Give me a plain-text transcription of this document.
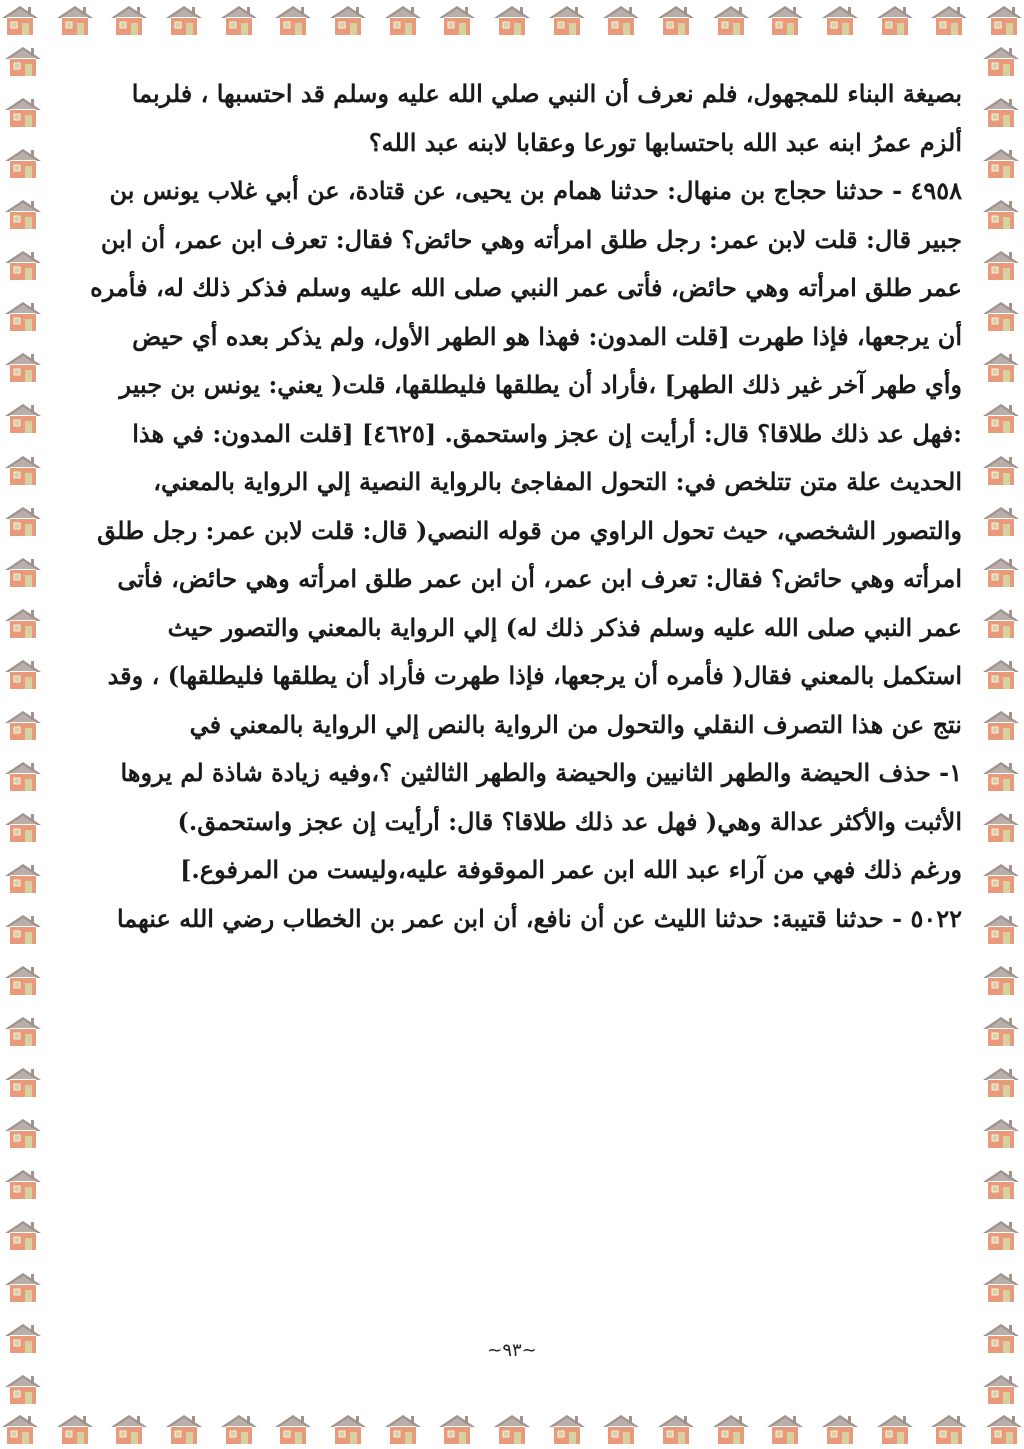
بصيغة البناء للمجهول، فلم نعرف أن النبي صلي الله عليه وسلم قد احتسبها ، فلربما
ألزم عمرُ ابنه عبد الله باحتسابها تورعا وعقابا لابنه عبد الله؟
٤٩٥٨ - حدثنا حجاج بن منهال: حدثنا همام بن يحيى، عن قتادة، عن أبي غلاب يونس بن
جبير قال: قلت لابن عمر: رجل طلق امرأته وهي حائض؟ فقال: تعرف ابن عمر، أن ابن
عمر طلق امرأته وهي حائض، فأتى عمر النبي صلى الله عليه وسلم فذكر ذلك له، فأمره
أن يرجعها، فإذا طهرت [قلت المدون: فهذا هو الطهر الأول، ولم يذكر بعده أي حيض
وأي طهر آخر غير ذلك الطهر] ،فأراد أن يطلقها فليطلقها، قلت( يعني: يونس بن جبير
:فهل عد ذلك طلاقا؟ قال: أرأيت إن عجز واستحمق. [٤٦٢٥] [قلت المدون: في هذا
الحديث علة متن تتلخص في: التحول المفاجئ بالرواية النصية إلي الرواية بالمعني،
والتصور الشخصي، حيث تحول الراوي من قوله النصي( قال: قلت لابن عمر: رجل طلق
امرأته وهي حائض؟ فقال: تعرف ابن عمر، أن ابن عمر طلق امرأته وهي حائض، فأتى
عمر النبي صلى الله عليه وسلم فذكر ذلك له) إلي الرواية بالمعني والتصور حيث
استكمل بالمعني فقال( فأمره أن يرجعها، فإذا طهرت فأراد أن يطلقها فليطلقها) ، وقد
نتج عن هذا التصرف النقلي والتحول من الرواية بالنص إلي الرواية بالمعني في
١- حذف الحيضة والطهر الثانيين والحيضة والطهر الثالثين ؟،وفيه زيادة شاذة لم يروها
الأثبت والأكثر عدالة وهي( فهل عد ذلك طلاقا؟ قال: أرأيت إن عجز واستحمق.)
ورغم ذلك فهي من آراء عبد الله ابن عمر الموقوفة عليه،وليست من المرفوع.]
٥٠٢٢ - حدثنا قتيبة: حدثنا الليث عن أن نافع، أن ابن عمر بن الخطاب رضي الله عنهما
~٩٣~
